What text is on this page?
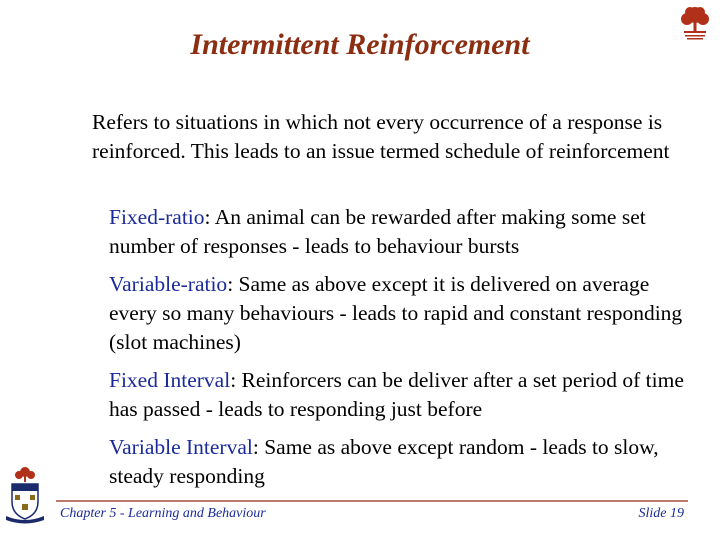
Intermittent Reinforcement
Refers to situations in which not every occurrence of a response is reinforced. This leads to an issue termed schedule of reinforcement
Fixed-ratio: An animal can be rewarded after making some set number of responses - leads to behaviour bursts
Variable-ratio: Same as above except it is delivered on average every so many behaviours - leads to rapid and constant responding (slot machines)
Fixed Interval: Reinforcers can be deliver after a set period of time has passed - leads to responding just before
Variable Interval: Same as above except random - leads to slow, steady responding
Chapter 5 - Learning and Behaviour	Slide 19
